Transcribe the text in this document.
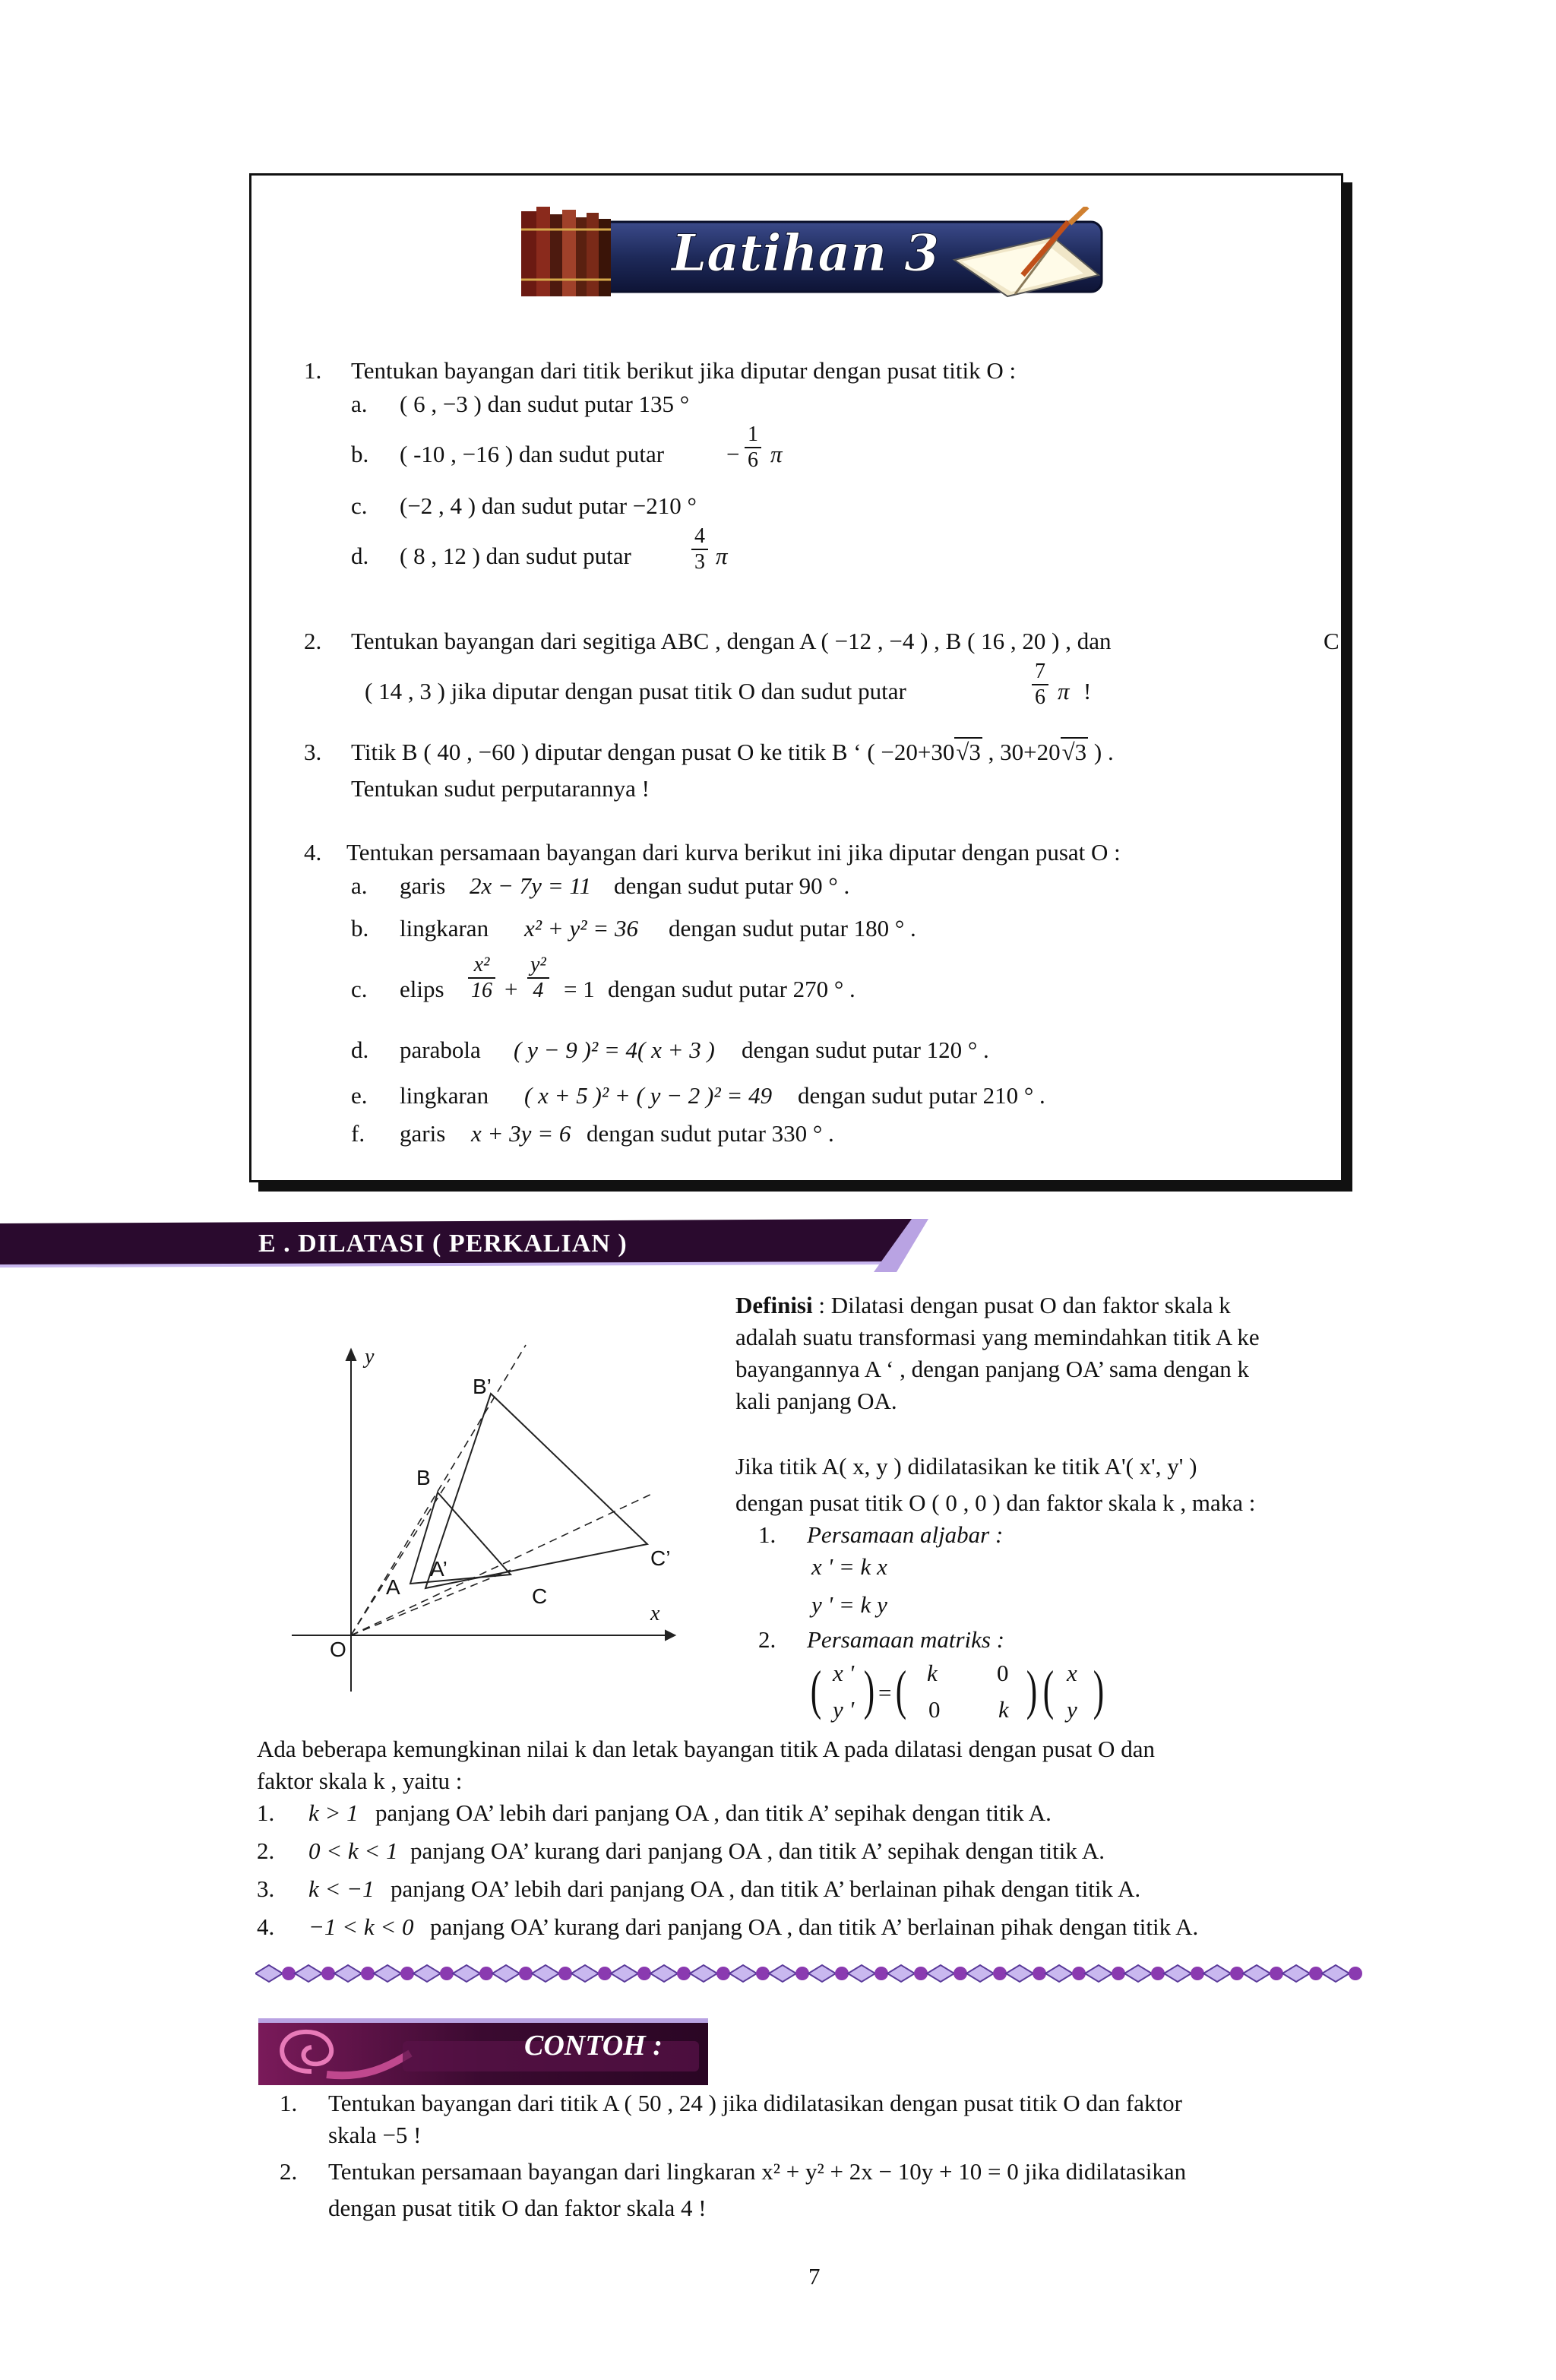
Latihan 3
1. Tentukan bayangan dari titik berikut jika diputar dengan pusat titik O :
a. ( 6 , −3 ) dan sudut putar 135 °
b. ( -10 , −16 ) dan sudut putar	− $\frac{1}{6}$ π
c. (−2 , 4 ) dan sudut putar −210 °
d. ( 8 , 12 ) dan sudut putar	$\frac{4}{3}$ π
2. Tentukan bayangan dari segitiga ABC , dengan A ( −12 , −4 ) , B ( 16 , 20 ) , dan	C
( 14 , 3 ) jika diputar dengan pusat titik O dan sudut putar	$\frac{7}{6}$ π !
3. Titik B ( 40 , −60 ) diputar dengan pusat O ke titik B ‘ ( −20+30√3 , 30+20√3 ) .
Tentukan sudut perputarannya !
4. Tentukan persamaan bayangan dari kurva berikut ini jika diputar dengan pusat O :
a. garis 2x − 7y = 11 dengan sudut putar 90 ° .
b. lingkaran x² + y² = 36 dengan sudut putar 180 ° .
c. elips $\frac{\text{x²}}{16} + \frac{\text{y²}}{4} = 1$ dengan sudut putar 270 ° .
d. parabola ( y − 9 )² = 4( x + 3 ) dengan sudut putar 120 ° .
e. lingkaran ( x + 5 )² + ( y − 2 )² = 49 dengan sudut putar 210 ° .
f. garis x + 3y = 6 dengan sudut putar 330 ° .
E . DILATASI ( PERKALIAN )
y
x
O
A
A’
B
B’
C
C’
Definisi : Dilatasi dengan pusat O dan faktor skala k
adalah suatu transformasi yang memindahkan titik A ke
bayangannya A ‘ , dengan panjang OA’ sama dengan k
kali panjang OA.
Jika titik A( x, y ) didilatasikan ke titik A'( x', y' )
dengan pusat titik O ( 0 , 0 ) dan faktor skala k , maka :
1. Persamaan aljabar :
x ' = k x
y ' = k y
2. Persamaan matriks :
( x '
y ' ) = ( k	0
0 k ) ( x
y )
Ada beberapa kemungkinan nilai k dan letak bayangan titik A pada dilatasi dengan pusat O dan
faktor skala k , yaitu :
1. k > 1 panjang OA’ lebih dari panjang OA , dan titik A’ sepihak dengan titik A.
2. 0 < k < 1 panjang OA’ kurang dari panjang OA , dan titik A’ sepihak dengan titik A.
3. k < −1 panjang OA’ lebih dari panjang OA , dan titik A’ berlainan pihak dengan titik A.
4. −1 < k < 0 panjang OA’ kurang dari panjang OA , dan titik A’ berlainan pihak dengan titik A.
CONTOH :
1. Tentukan bayangan dari titik A ( 50 , 24 ) jika didilatasikan dengan pusat titik O dan faktor
skala −5 !
2. Tentukan persamaan bayangan dari lingkaran x² + y² + 2x − 10y + 10 = 0 jika didilatasikan
dengan pusat titik O dan faktor skala 4 !
7
